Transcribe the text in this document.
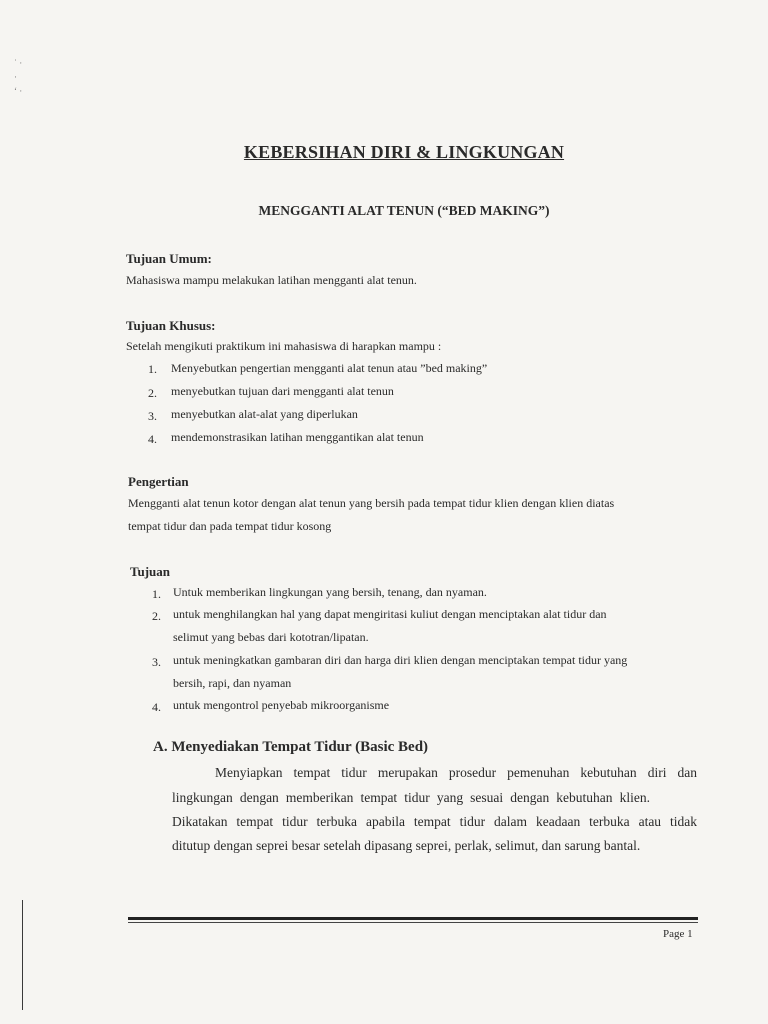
˙ ·
·
‘ ·
KEBERSIHAN DIRI & LINGKUNGAN
MENGGANTI ALAT TENUN (“BED MAKING”)
Tujuan Umum:
Mahasiswa mampu melakukan latihan mengganti alat tenun.
Tujuan Khusus:
Setelah mengikuti praktikum ini mahasiswa di harapkan mampu :
1. Menyebutkan pengertian mengganti alat tenun atau ”bed making”
2. menyebutkan tujuan dari mengganti alat tenun
3. menyebutkan alat-alat yang diperlukan
4. mendemonstrasikan latihan menggantikan alat tenun
Pengertian
Mengganti alat tenun kotor dengan alat tenun yang bersih pada tempat tidur klien dengan klien diatas
tempat tidur dan pada tempat tidur kosong
Tujuan
1. Untuk memberikan lingkungan yang bersih, tenang, dan nyaman.
2. untuk menghilangkan hal yang dapat mengiritasi kuliut dengan menciptakan alat tidur dan
selimut yang bebas dari kototran/lipatan.
3. untuk meningkatkan gambaran diri dan harga diri klien dengan menciptakan tempat tidur yang
bersih, rapi, dan nyaman
4. untuk mengontrol penyebab mikroorganisme
A. Menyediakan Tempat Tidur (Basic Bed)
Menyiapkan tempat tidur merupakan prosedur pemenuhan kebutuhan diri dan
lingkungan dengan memberikan tempat tidur yang sesuai dengan kebutuhan klien.
Dikatakan tempat tidur terbuka apabila tempat tidur dalam keadaan terbuka atau tidak
ditutup dengan seprei besar setelah dipasang seprei, perlak, selimut, dan sarung bantal.
Page 1
